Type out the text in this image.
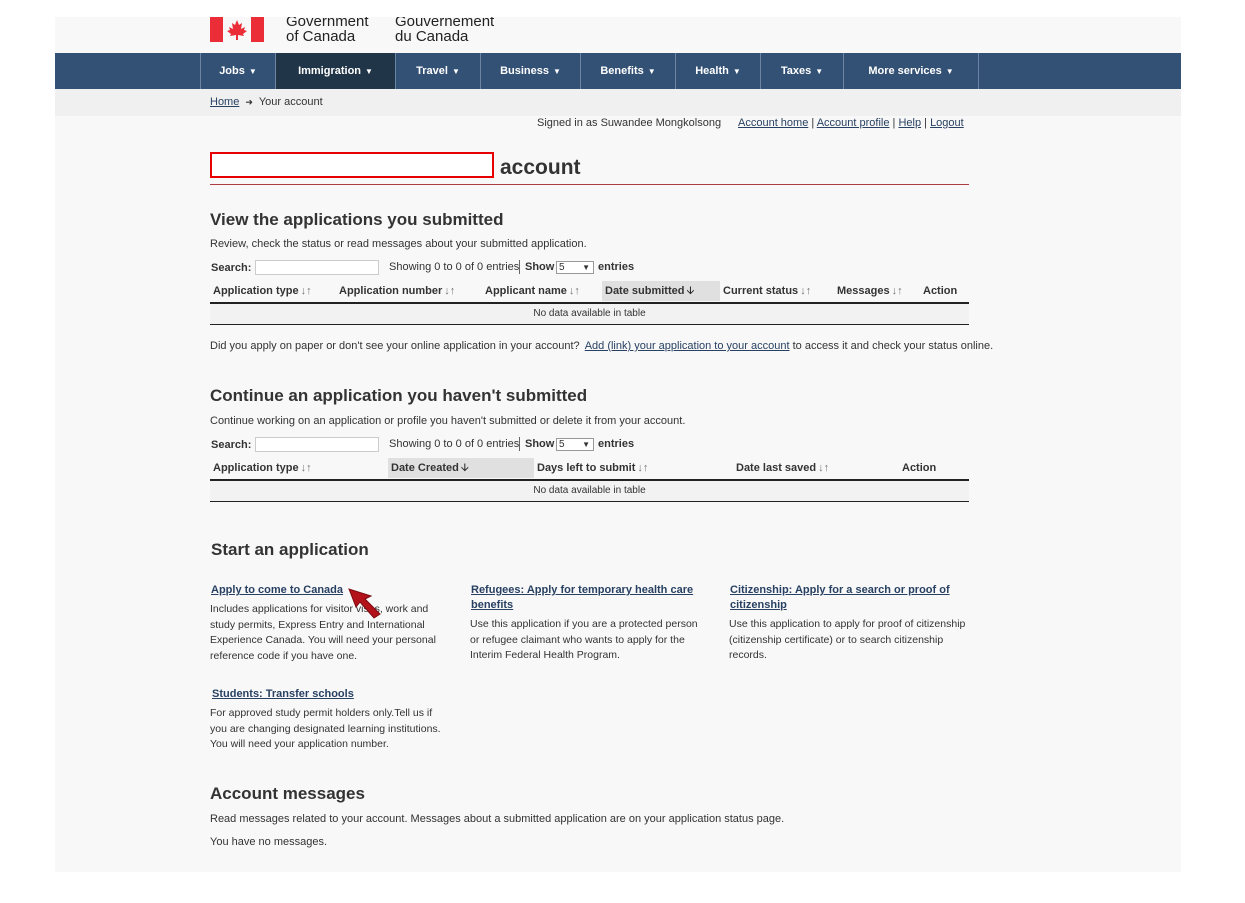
Government
of Canada
Gouvernement
du Canada
Jobs ▼	Immigration ▼	Travel ▼	Business ▼	Benefits ▼	Health ▼	Taxes ▼	More services ▼
Home ➜ Your account
Signed in as Suwandee Mongkolsong Account home | Account profile | Help | Logout
account
View the applications you submitted
Review, check the status or read messages about your submitted application.
Search:	Showing 0 to 0 of 0 entries Show 5 ▼ entries
Application type ↓↑ Application number ↓↑	Applicant name ↓↑ Date submitted 🡫	Current status ↓↑ Messages ↓↑ Action
No data available in table
Did you apply on paper or don't see your online application in your account? Add (link) your application to your account to access it and check your status online.
Continue an application you haven't submitted
Continue working on an application or profile you haven't submitted or delete it from your account.
Search:	Showing 0 to 0 of 0 entries Show 5 ▼ entries
Application type ↓↑	Date Created 🡫	Days left to submit ↓↑	Date last saved ↓↑	Action
No data available in table
Start an application
Apply to come to Canada
Includes applications for visitor visas, work and
study permits, Express Entry and International
Experience Canada. You will need your personal
reference code if you have one.
Refugees: Apply for temporary health care
benefits
Use this application if you are a protected person
or refugee claimant who wants to apply for the
Interim Federal Health Program.
Citizenship: Apply for a search or proof of
citizenship
Use this application to apply for proof of citizenship
(citizenship certificate) or to search citizenship
records.
Students: Transfer schools
For approved study permit holders only.Tell us if
you are changing designated learning institutions.
You will need your application number.
Account messages
Read messages related to your account. Messages about a submitted application are on your application status page.
You have no messages.
